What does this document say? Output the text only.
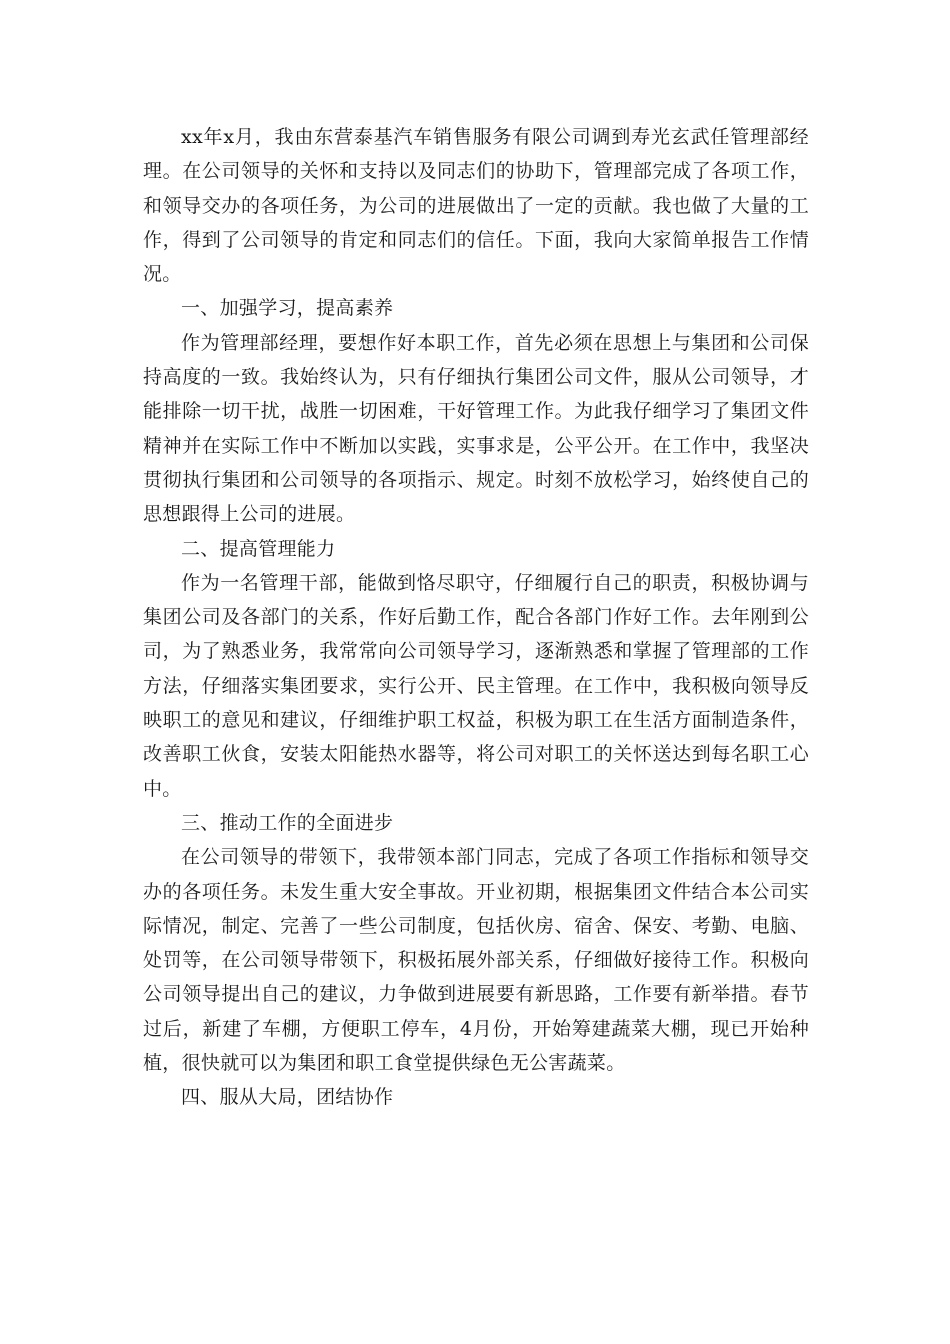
xx年x月，我由东营泰基汽车销售服务有限公司调到寿光玄武任管理部经理。在公司领导的关怀和支持以及同志们的协助下，管理部完成了各项工作，和领导交办的各项任务，为公司的进展做出了一定的贡献。我也做了大量的工作，得到了公司领导的肯定和同志们的信任。下面，我向大家简单报告工作情况。

一、加强学习，提高素养

作为管理部经理，要想作好本职工作，首先必须在思想上与集团和公司保持高度的一致。我始终认为，只有仔细执行集团公司文件，服从公司领导，才能排除一切干扰，战胜一切困难，干好管理工作。为此我仔细学习了集团文件精神并在实际工作中不断加以实践，实事求是，公平公开。在工作中，我坚决贯彻执行集团和公司领导的各项指示、规定。时刻不放松学习，始终使自己的思想跟得上公司的进展。

二、提高管理能力

作为一名管理干部，能做到恪尽职守，仔细履行自己的职责，积极协调与集团公司及各部门的关系，作好后勤工作，配合各部门作好工作。去年刚到公司，为了熟悉业务，我常常向公司领导学习，逐渐熟悉和掌握了管理部的工作方法，仔细落实集团要求，实行公开、民主管理。在工作中，我积极向领导反映职工的意见和建议，仔细维护职工权益，积极为职工在生活方面制造条件，改善职工伙食，安装太阳能热水器等，将公司对职工的关怀送达到每名职工心中。

三、推动工作的全面进步

在公司领导的带领下，我带领本部门同志，完成了各项工作指标和领导交办的各项任务。未发生重大安全事故。开业初期，根据集团文件结合本公司实际情况，制定、完善了一些公司制度，包括伙房、宿舍、保安、考勤、电脑、处罚等，在公司领导带领下，积极拓展外部关系，仔细做好接待工作。积极向公司领导提出自己的建议，力争做到进展要有新思路，工作要有新举措。春节过后，新建了车棚，方便职工停车，4月份，开始筹建蔬菜大棚，现已开始种植，很快就可以为集团和职工食堂提供绿色无公害蔬菜。

四、服从大局，团结协作
